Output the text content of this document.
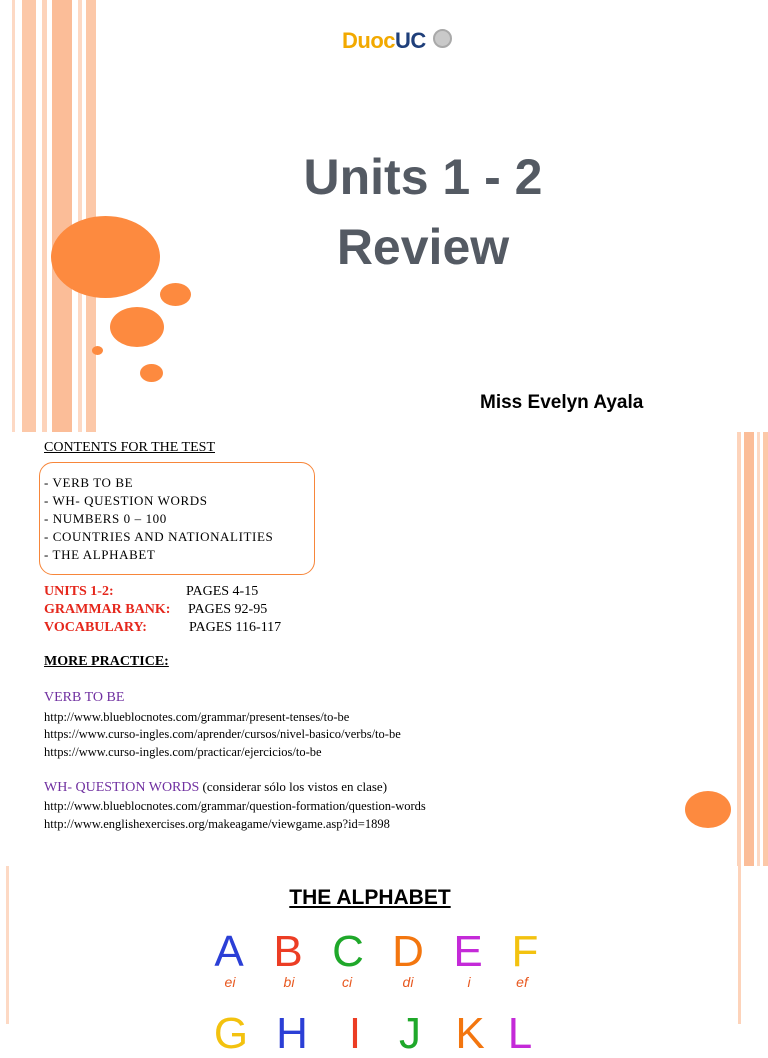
DuocUC
Units 1 - 2
Review
Miss Evelyn Ayala
CONTENTS FOR THE TEST
- VERB TO BE
- WH- QUESTION WORDS
- NUMBERS 0 – 100
- COUNTRIES AND NATIONALITIES
- THE ALPHABET
UNITS 1-2:	PAGES 4-15
GRAMMAR BANK: PAGES 92-95
VOCABULARY:	PAGES 116-117
MORE PRACTICE:
VERB TO BE
http://www.blueblocnotes.com/grammar/present-tenses/to-be
https://www.curso-ingles.com/aprender/cursos/nivel-basico/verbs/to-be
https://www.curso-ingles.com/practicar/ejercicios/to-be
WH- QUESTION WORDS (considerar sólo los vistos en clase)
http://www.blueblocnotes.com/grammar/question-formation/question-words
http://www.englishexercises.org/makeagame/viewgame.asp?id=1898
THE ALPHABET
A B C D E F
ei	bi	ci	di	i	ef
G H I J K L
